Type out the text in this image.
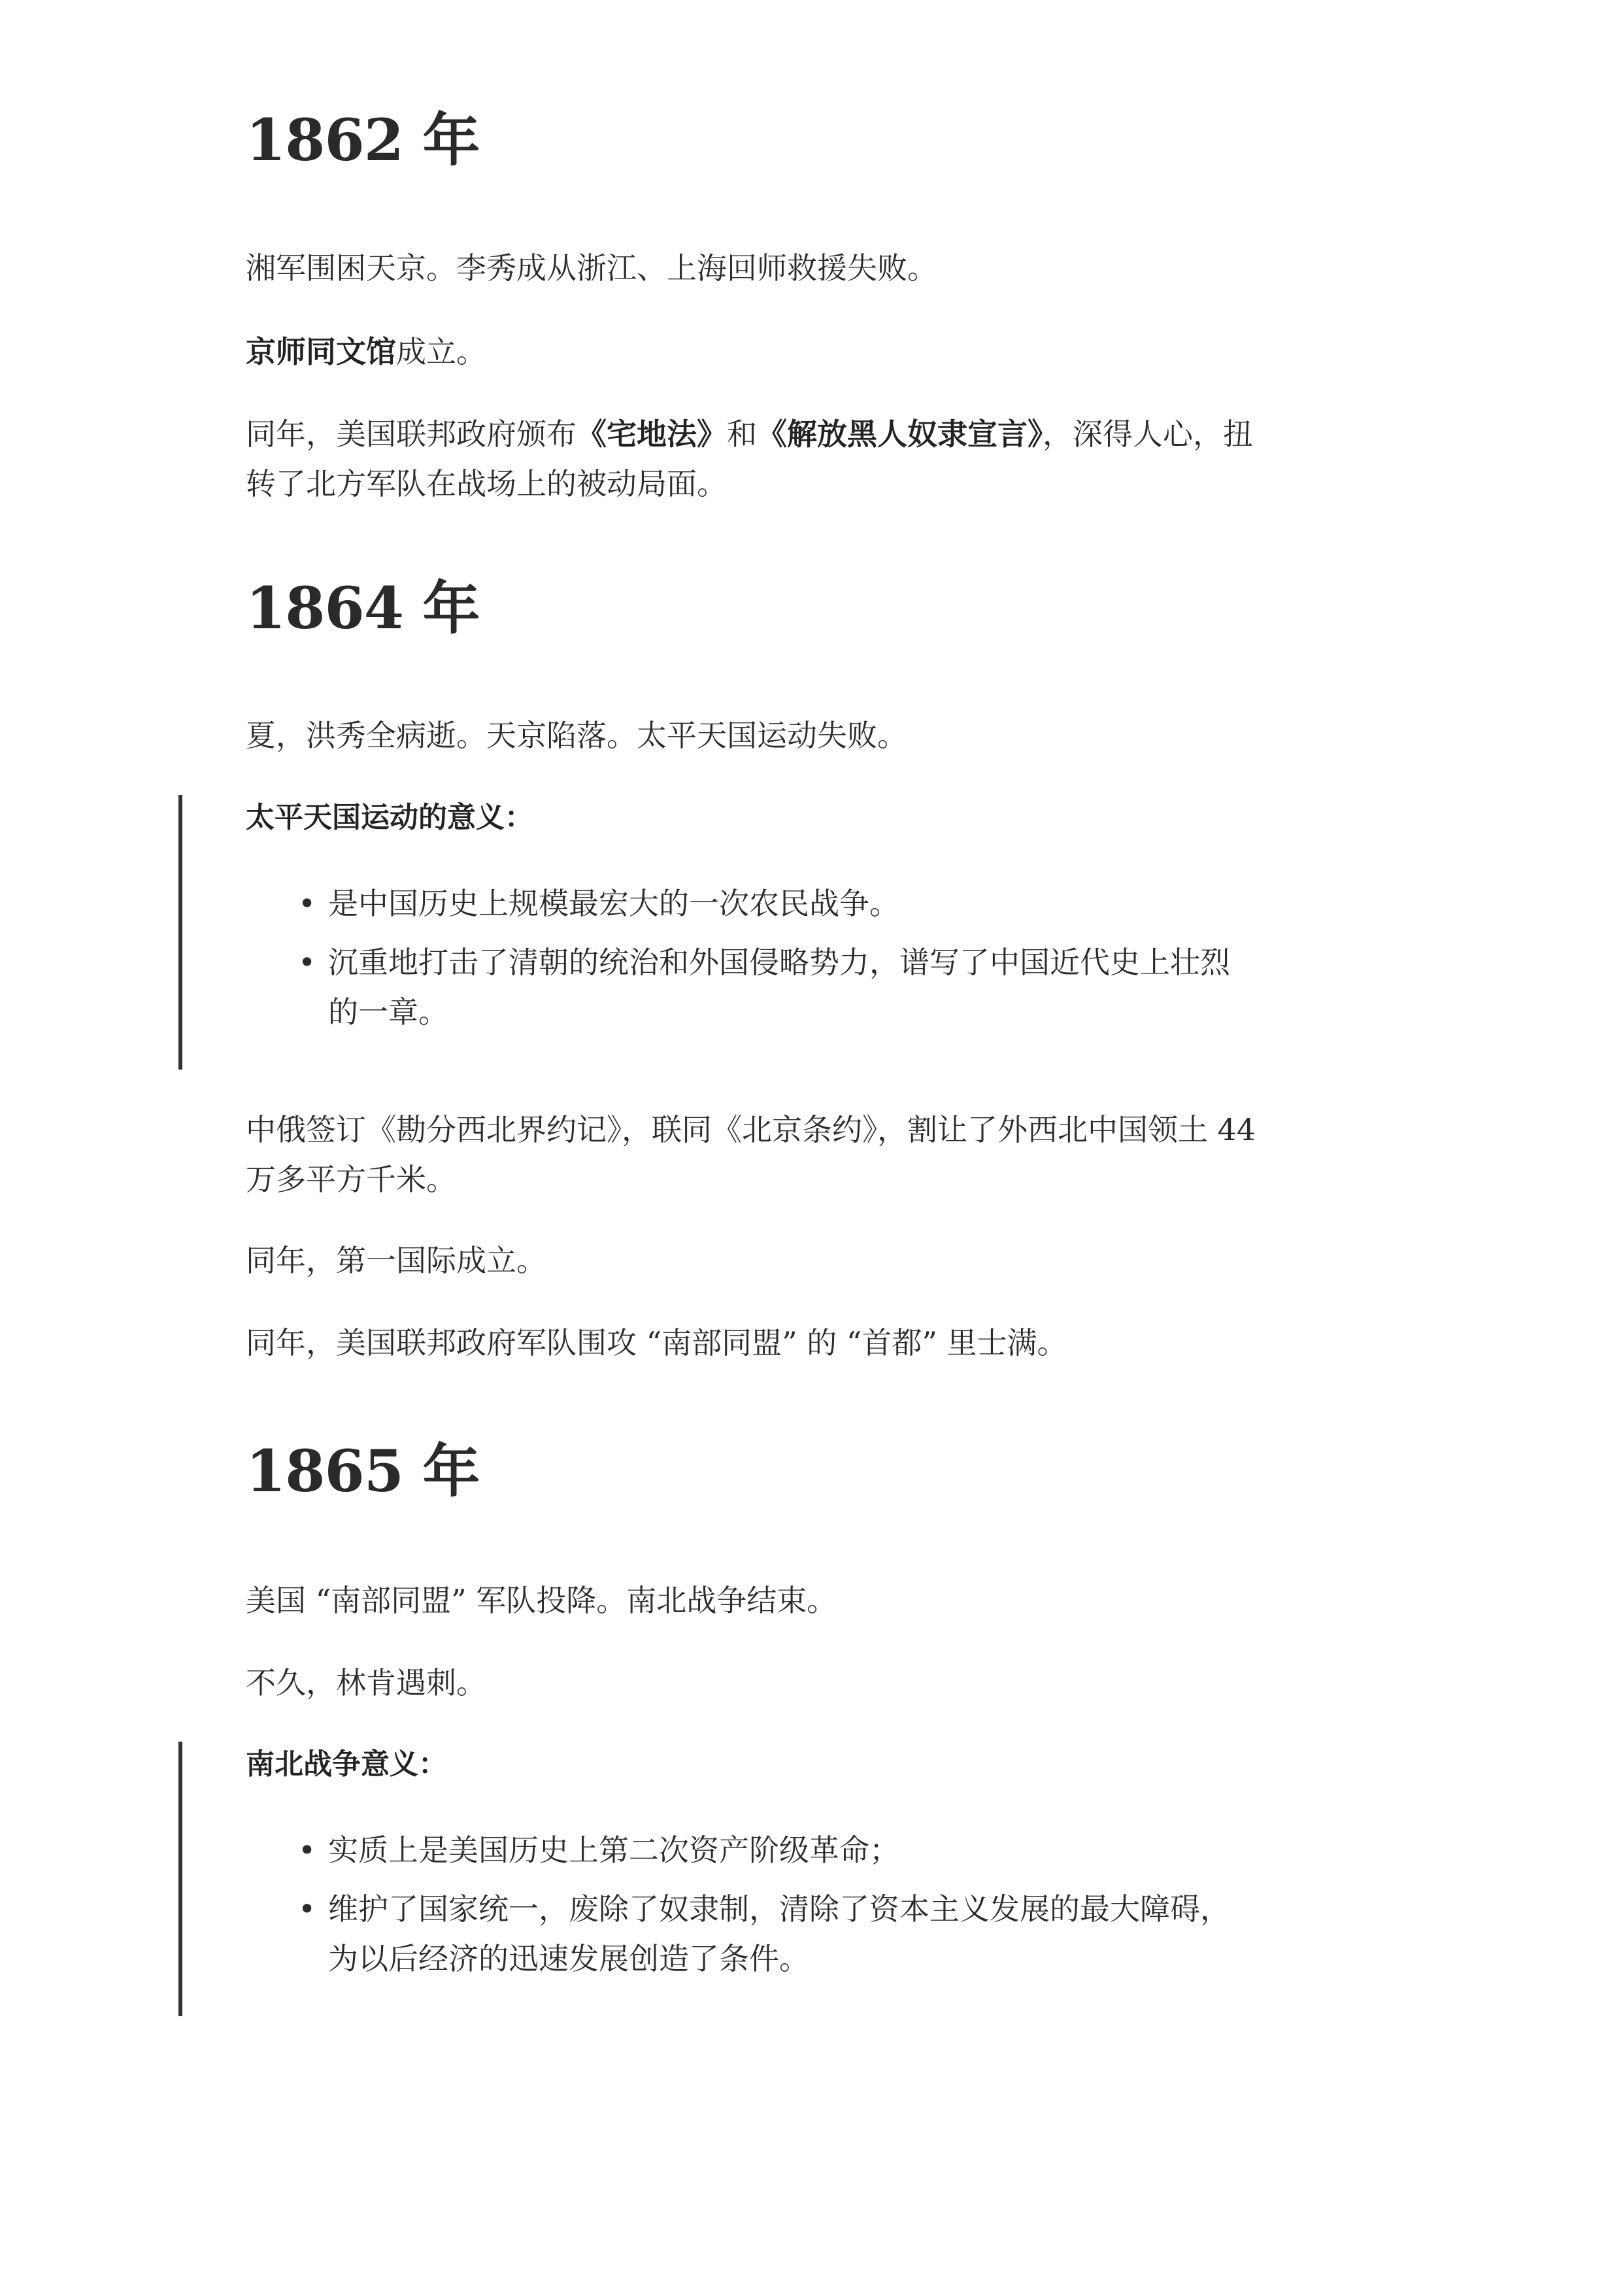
1862 年

湘军围困天京。李秀成从浙江、上海回师救援失败。

京师同文馆成立。

同年，美国联邦政府颁布《宅地法》和《解放黑人奴隶宣言》，深得人心，扭
转了北方军队在战场上的被动局面。

1864 年

夏，洪秀全病逝。天京陷落。太平天国运动失败。

太平天国运动的意义：

• 是中国历史上规模最宏大的一次农民战争。
• 沉重地打击了清朝的统治和外国侵略势力，谱写了中国近代史上壮烈
的一章。

中俄签订《勘分西北界约记》，联同《北京条约》，割让了外西北中国领土 44
万多平方千米。

同年，第一国际成立。

同年，美国联邦政府军队围攻 “南部同盟” 的 “首都” 里士满。

1865 年

美国 “南部同盟” 军队投降。南北战争结束。

不久，林肯遇刺。

南北战争意义：

• 实质上是美国历史上第二次资产阶级革命；
• 维护了国家统一，废除了奴隶制，清除了资本主义发展的最大障碍，
为以后经济的迅速发展创造了条件。
